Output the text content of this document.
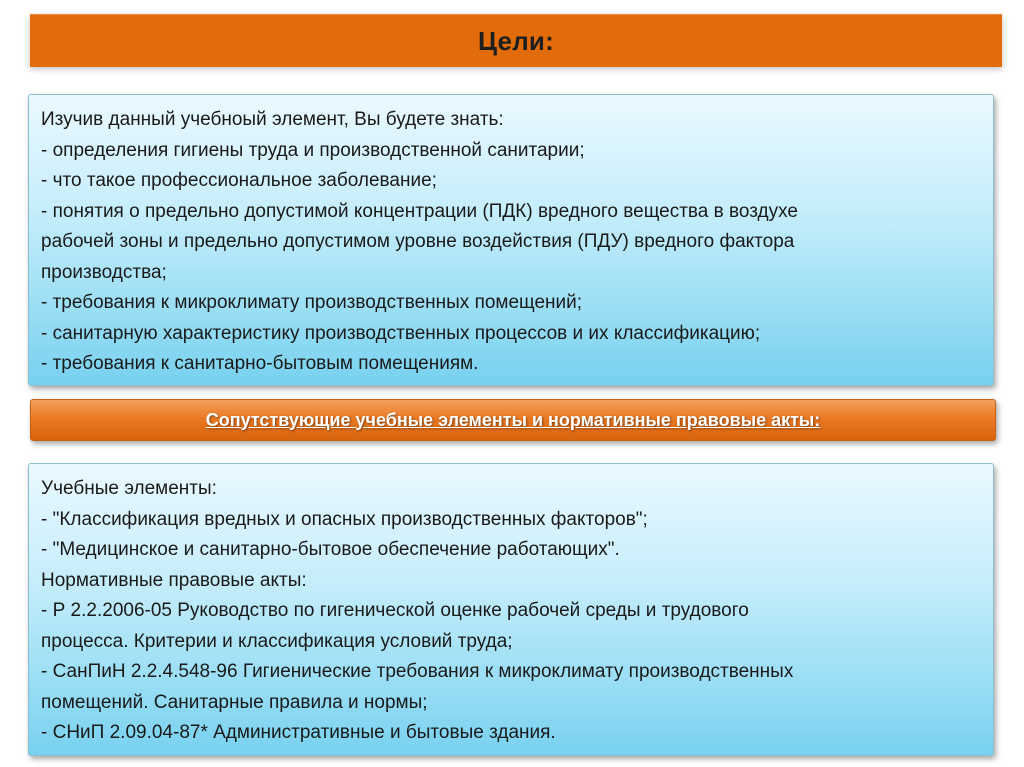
Цели:
Изучив данный учебноый элемент, Вы будете знать:
- определения гигиены труда и производственной санитарии;
- что такое профессиональное заболевание;
- понятия о предельно допустимой концентрации (ПДК) вредного вещества в воздухе
рабочей зоны и предельно допустимом уровне воздействия (ПДУ) вредного фактора
производства;
- требования к микроклимату производственных помещений;
- санитарную характеристику производственных процессов и их классификацию;
- требования к санитарно-бытовым помещениям.
Сопутствующие учебные элементы и нормативные правовые акты:
Учебные элементы:
- "Классификация вредных и опасных производственных факторов";
- "Медицинское и санитарно-бытовое обеспечение работающих".
Нормативные правовые акты:
- Р 2.2.2006-05 Руководство по гигенической оценке рабочей среды и трудового
процесса. Критерии и классификация условий труда;
- СанПиН 2.2.4.548-96 Гигиенические требования к микроклимату производственных
помещений. Санитарные правила и нормы;
- СНиП 2.09.04-87* Административные и бытовые здания.
